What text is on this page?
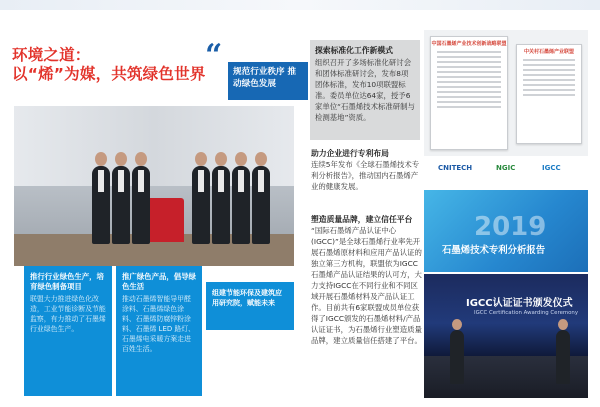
环境之道：
以“烯”为媒，共筑绿色世界
“	规范行业秩序 推动绿色发展
推行行业绿色生产，培育绿色制备项目
联盟大力推进绿色化改造，工业节能诊断及节能监察，有力推动了石墨烯行业绿色生产。
推广绿色产品，倡导绿色生活
推动石墨烯智能导甲醛涂料、石墨烯绿色涂料、石墨烯防腐锌粉涂料、石墨烯 LED 路灯、石墨烯电采暖方案走进百姓生活。
组建节能环保及建筑应用研究院，赋能未来
探索标准化工作新模式
组织召开了多场标准化研讨会和团体标准研讨会，发布8项团体标准，发布10项联盟标准。委员单位达64家，授予6家单位“石墨烯技术标准研制与检测基地”资质。
助力企业进行专利布局
连续5年发布《全球石墨烯技术专利分析报告》，推动国内石墨烯产业的健康发展。
塑造质量品牌，建立信任平台
“国际石墨烯产品认证中心(IGCC)”是全球石墨烯行业率先开展石墨烯原材料和应用产品认证的独立第三方机构，联盟依为IGCC石墨烯产品认证结果的认可方，大力支持IGCC在不同行业和不同区域开展石墨烯材料及产品认证工作。目前共有6家联盟成员单位获得了IGCC颁发的石墨烯材料/产品认证证书，为石墨烯行业塑造质量品牌，建立质量信任搭建了平台。
中国石墨烯产业技术创新战略联盟
中关村石墨烯产业联盟
CNITECH	NGIC	IGCC
2019
石墨烯技术专利分析报告
IGCC认证证书颁发仪式
IGCC Certification Awarding Ceremony
